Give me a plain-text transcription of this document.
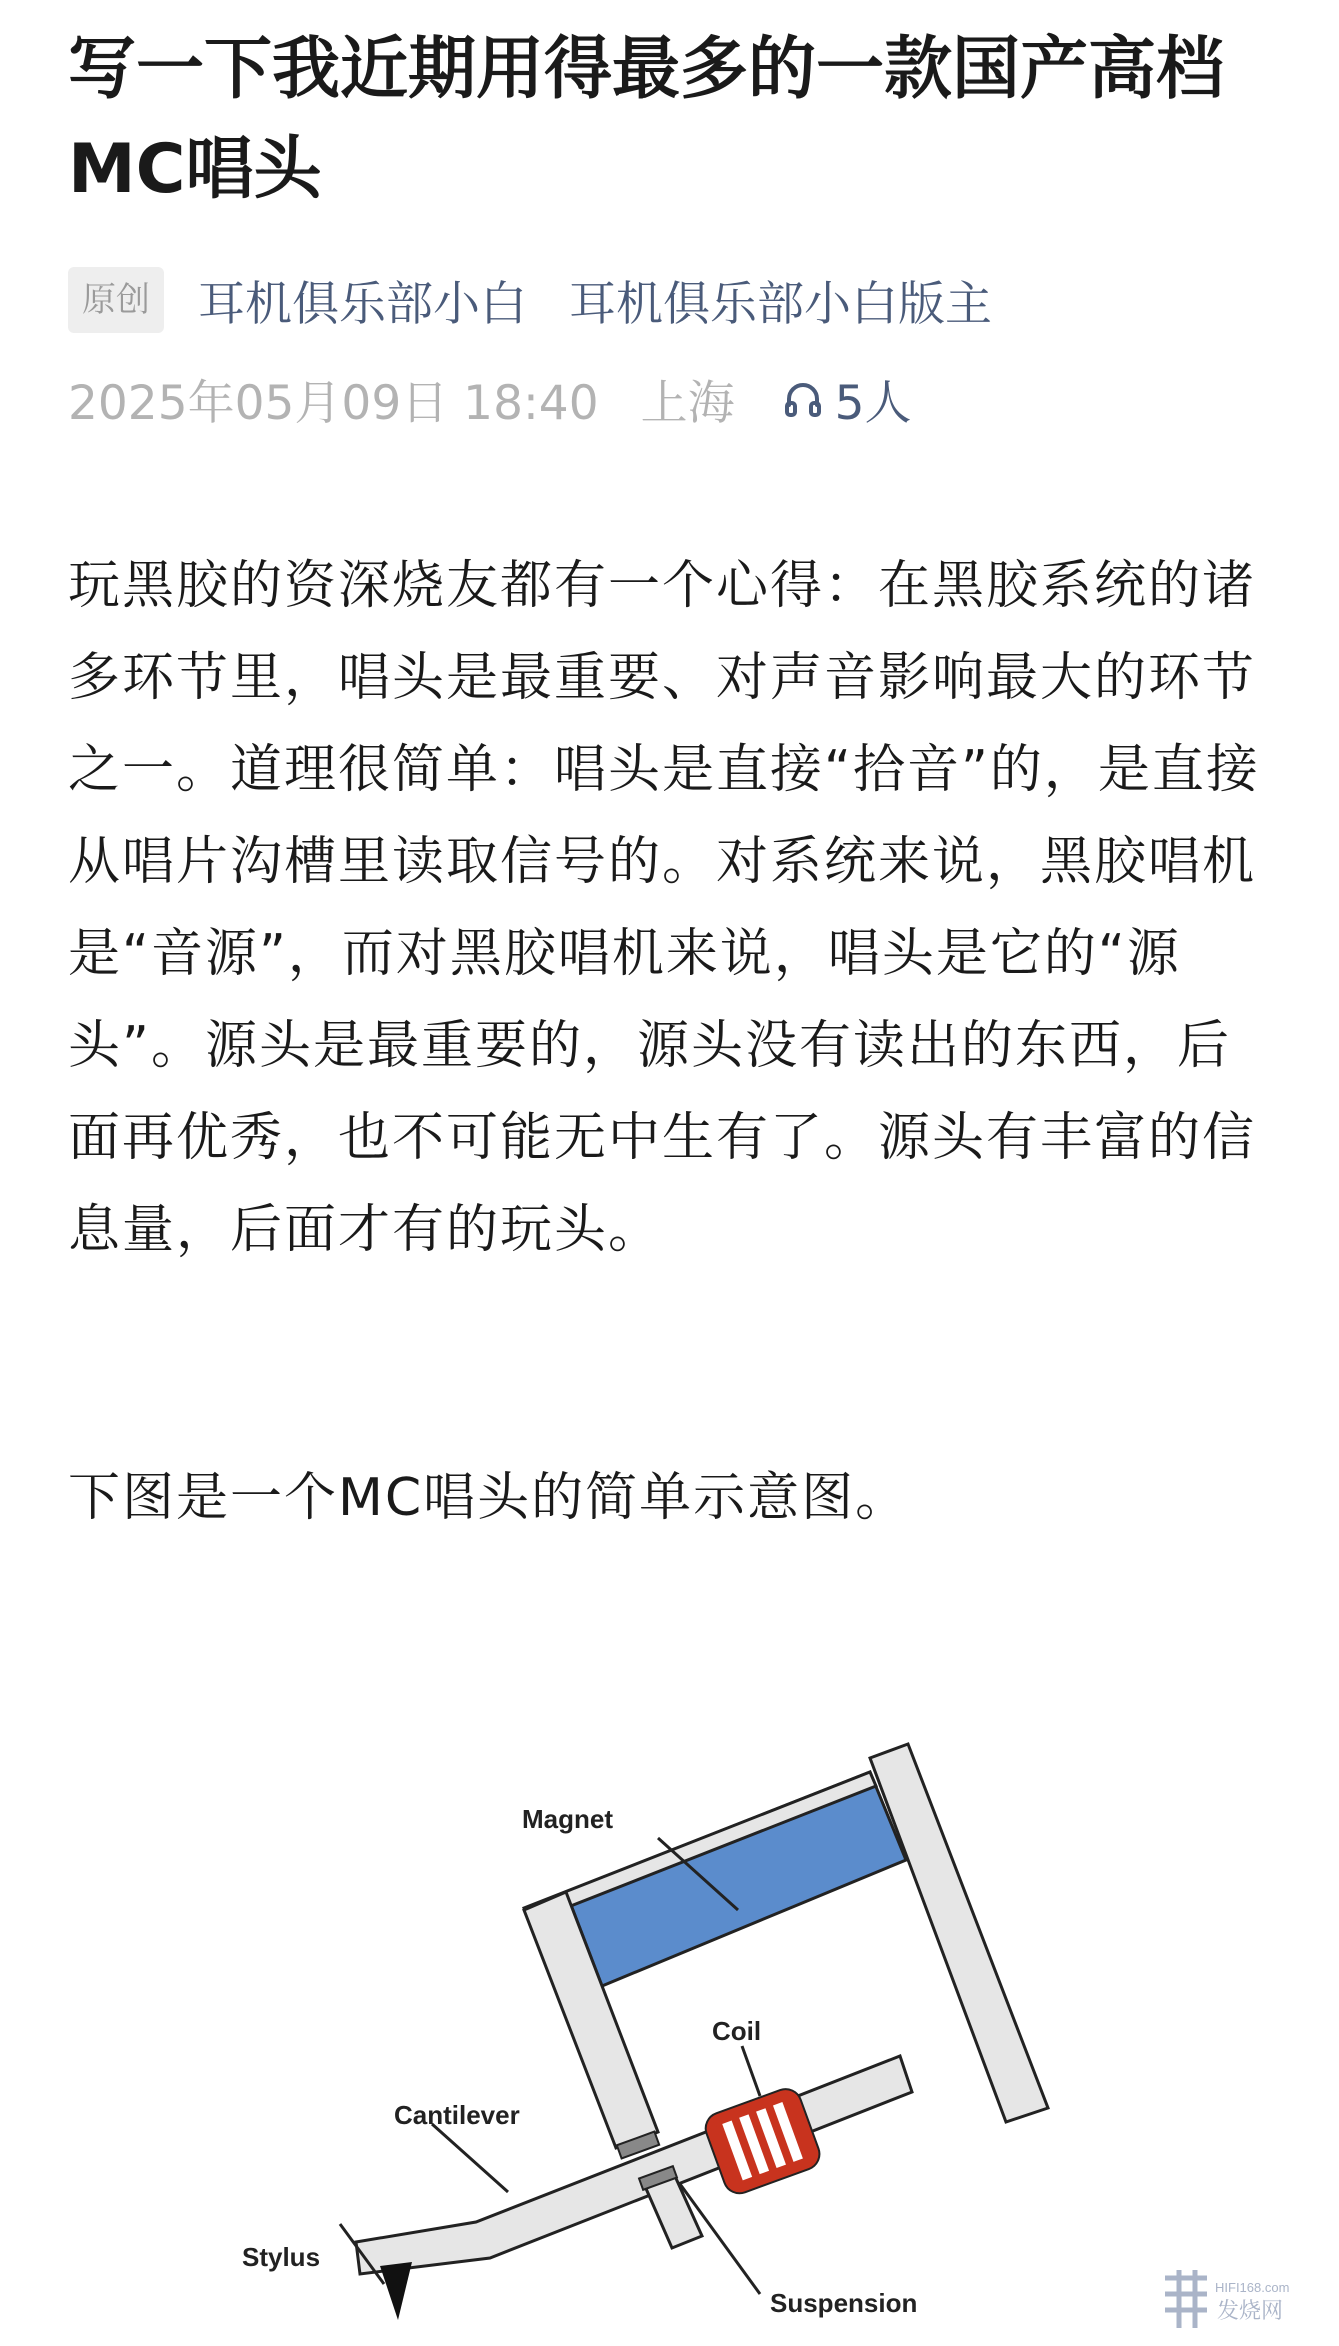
写一下我近期用得最多的一款国产高档MC唱头
原创 耳机俱乐部小白 耳机俱乐部小白版主
2025年05月09日 18:40 上海 5人

玩黑胶的资深烧友都有一个心得：在黑胶系统的诸多环节里，唱头是最重要、对声音影响最大的环节之一。道理很简单：唱头是直接“拾音”的，是直接从唱片沟槽里读取信号的。对系统来说，黑胶唱机是“音源”，而对黑胶唱机来说，唱头是它的“源头”。源头是最重要的，源头没有读出的东西，后面再优秀，也不可能无中生有了。源头有丰富的信息量，后面才有的玩头。

下图是一个MC唱头的简单示意图。

Magnet
Coil
Cantilever
Stylus
Suspension
HIFI168.com
发烧网
